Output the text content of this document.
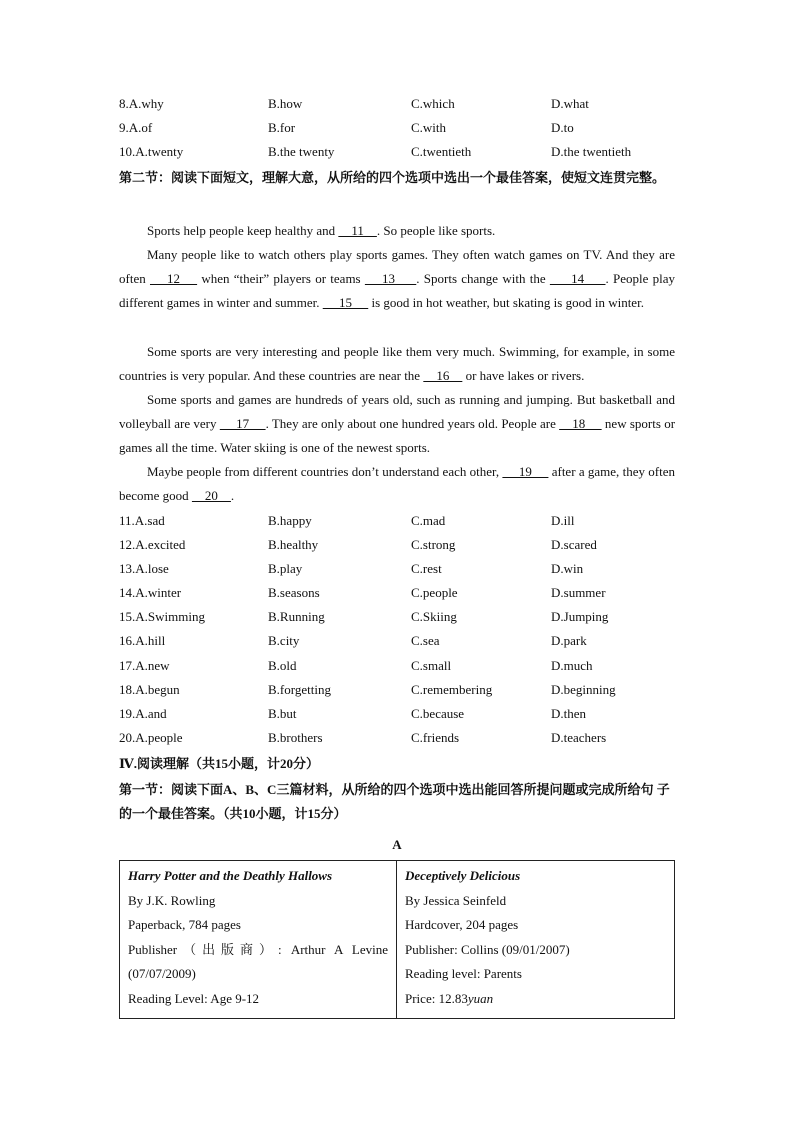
8.A.why	B.how	C.which	D.what
9.A.of	B.for	C.with	D.to
10.A.twenty	B.the twenty	C.twentieth	D.the twentieth
第二节：阅读下面短文，理解大意，从所给的四个选项中选出一个最佳答案，使短文连贯完整。
Sports help people keep healthy and     11    . So people like sports.
Many people like to watch others play sports games. They often watch games on TV. And they are often     12     when “their” players or teams     13     . Sports change with the      14     . People play different games in winter and summer.      15      is good in hot weather, but skating is good in winter.
Some sports are very interesting and people like them very much. Swimming, for example, in some countries is very popular. And these countries are near the     16     or have lakes or rivers.
Some sports and games are hundreds of years old, such as running and jumping. But basketball and volleyball are very      17     . They are only about one hundred years old. People are     18      new sports or games all the time. Water skiing is one of the newest sports.
Maybe people from different countries don’t understand each other,      19      after a game, they often become good     20    .
11.A.sad	B.happy	C.mad	D.ill
12.A.excited	B.healthy	C.strong	D.scared
13.A.lose	B.play	C.rest	D.win
14.A.winter	B.seasons	C.people	D.summer
15.A.Swimming	B.Running	C.Skiing	D.Jumping
16.A.hill	B.city	C.sea	D.park
17.A.new	B.old	C.small	D.much
18.A.begun	B.forgetting	C.remembering	D.beginning
19.A.and	B.but	C.because	D.then
20.A.people	B.brothers	C.friends	D.teachers
Ⅳ.阅读理解（共15小题，计20分）
第一节：阅读下面A、B、C三篇材料，从所给的四个选项中选出能回答所提问题或完成所给句 子的一个最佳答案。（共10小题，计15分）
A
Harry Potter and the Deathly Hallows
By J.K. Rowling
Paperback, 784 pages
Publisher（出版商）: Arthur A Levine
(07/07/2009)
Reading Level: Age 9-12
Deceptively Delicious
By Jessica Seinfeld
Hardcover, 204 pages
Publisher: Collins (09/01/2007)
Reading level: Parents
Price: 12.83yuan
